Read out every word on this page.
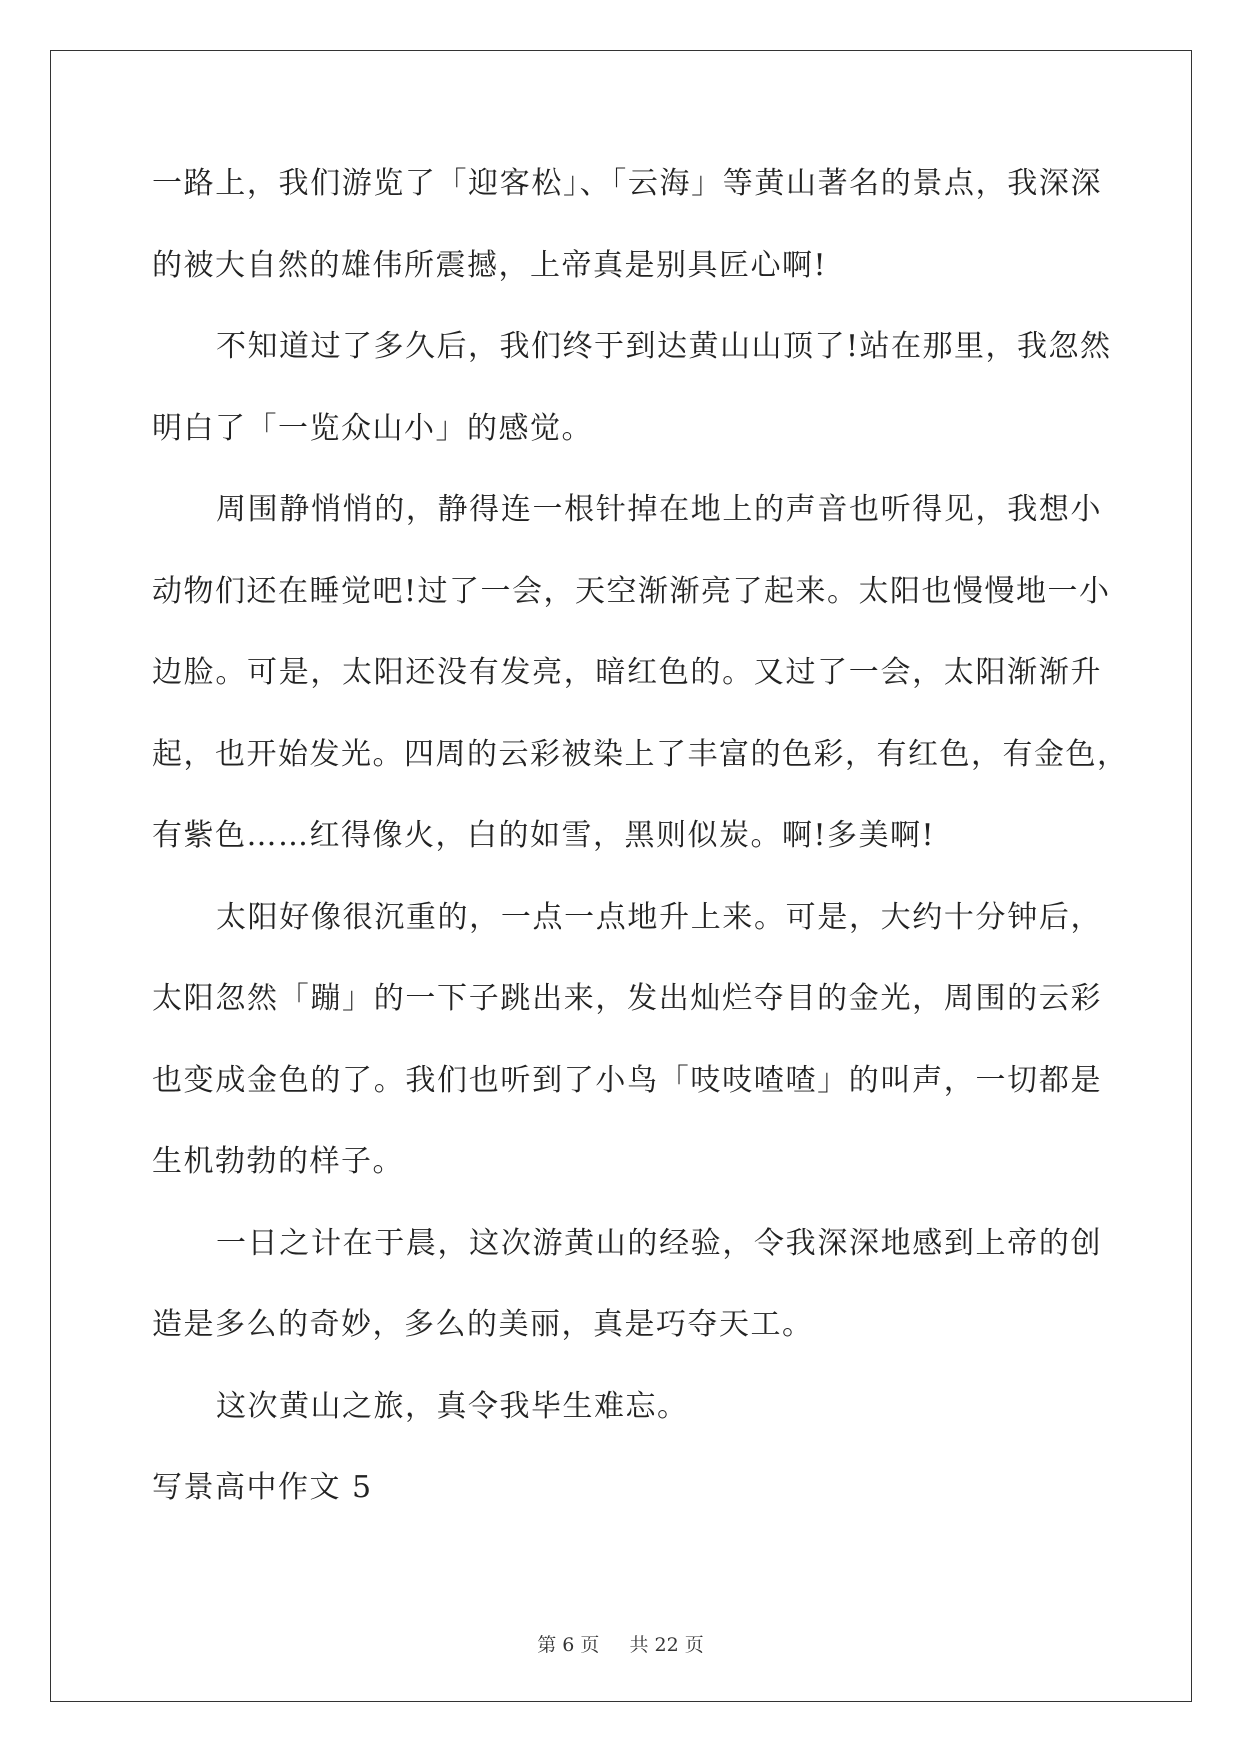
一路上，我们游览了「迎客松」、「云海」等黄山著名的景点，我深深
的被大自然的雄伟所震撼，上帝真是别具匠心啊!
不知道过了多久后，我们终于到达黄山山顶了!站在那里，我忽然
明白了「一览众山小」的感觉。
周围静悄悄的，静得连一根针掉在地上的声音也听得见，我想小
动物们还在睡觉吧!过了一会，天空渐渐亮了起来。太阳也慢慢地一小
边脸。可是，太阳还没有发亮，暗红色的。又过了一会，太阳渐渐升
起，也开始发光。四周的云彩被染上了丰富的色彩，有红色，有金色，
有紫色……红得像火，白的如雪，黑则似炭。啊!多美啊!
太阳好像很沉重的，一点一点地升上来。可是，大约十分钟后，
太阳忽然「蹦」的一下子跳出来，发出灿烂夺目的金光，周围的云彩
也变成金色的了。我们也听到了小鸟「吱吱喳喳」的叫声，一切都是
生机勃勃的样子。
一日之计在于晨，这次游黄山的经验，令我深深地感到上帝的创
造是多么的奇妙，多么的美丽，真是巧夺天工。
这次黄山之旅，真令我毕生难忘。
写景高中作文 5
第 6 页 共 22 页
